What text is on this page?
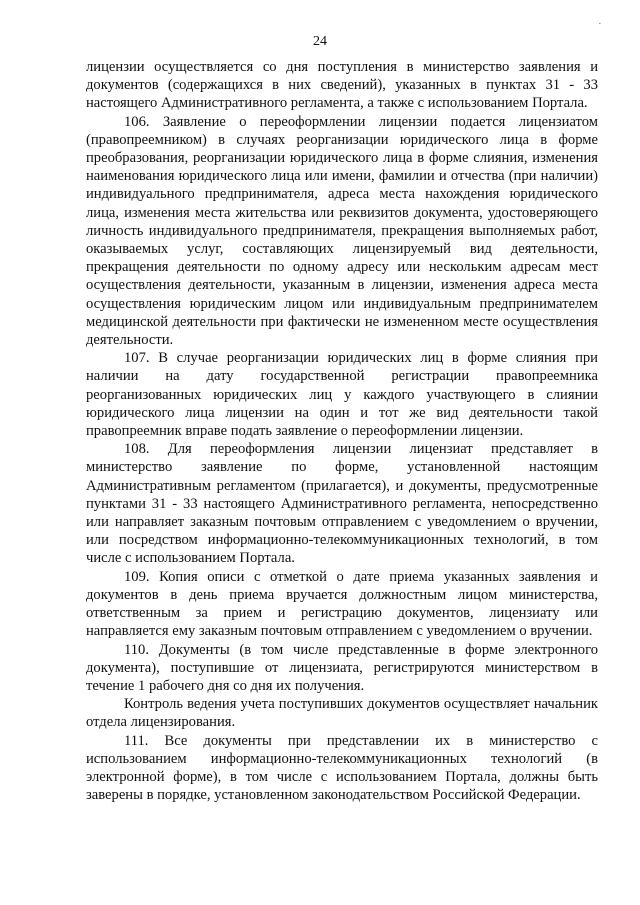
·
24

лицензии осуществляется со дня поступления в министерство заявления и документов (содержащихся в них сведений), указанных в пунктах 31 - 33 настоящего Административного регламента, а также с использованием Портала.

106. Заявление о переоформлении лицензии подается лицензиатом (правопреемником) в случаях реорганизации юридического лица в форме преобразования, реорганизации юридического лица в форме слияния, изменения наименования юридического лица или имени, фамилии и отчества (при наличии) индивидуального предпринимателя, адреса места нахождения юридического лица, изменения места жительства или реквизитов документа, удостоверяющего личность индивидуального предпринимателя, прекращения выполняемых работ, оказываемых услуг, составляющих лицензируемый вид деятельности, прекращения деятельности по одному адресу или нескольким адресам мест осуществления деятельности, указанным в лицензии, изменения адреса места осуществления юридическим лицом или индивидуальным предпринимателем медицинской деятельности при фактически не измененном месте осуществления деятельности.

107. В случае реорганизации юридических лиц в форме слияния при наличии на дату государственной регистрации правопреемника реорганизованных юридических лиц у каждого участвующего в слиянии юридического лица лицензии на один и тот же вид деятельности такой правопреемник вправе подать заявление о переоформлении лицензии.

108. Для переоформления лицензии лицензиат представляет в министерство заявление по форме, установленной настоящим Административным регламентом (прилагается), и документы, предусмотренные пунктами 31 - 33 настоящего Административного регламента, непосредственно или направляет заказным почтовым отправлением с уведомлением о вручении, или посредством информационно-телекоммуникационных технологий, в том числе с использованием Портала.

109. Копия описи с отметкой о дате приема указанных заявления и документов в день приема вручается должностным лицом министерства, ответственным за прием и регистрацию документов, лицензиату или направляется ему заказным почтовым отправлением с уведомлением о вручении.

110. Документы (в том числе представленные в форме электронного документа), поступившие от лицензиата, регистрируются министерством в течение 1 рабочего дня со дня их получения.

Контроль ведения учета поступивших документов осуществляет начальник отдела лицензирования.

111. Все документы при представлении их в министерство с использованием информационно-телекоммуникационных технологий (в электронной форме), в том числе с использованием Портала, должны быть заверены в порядке, установленном законодательством Российской Федерации.
